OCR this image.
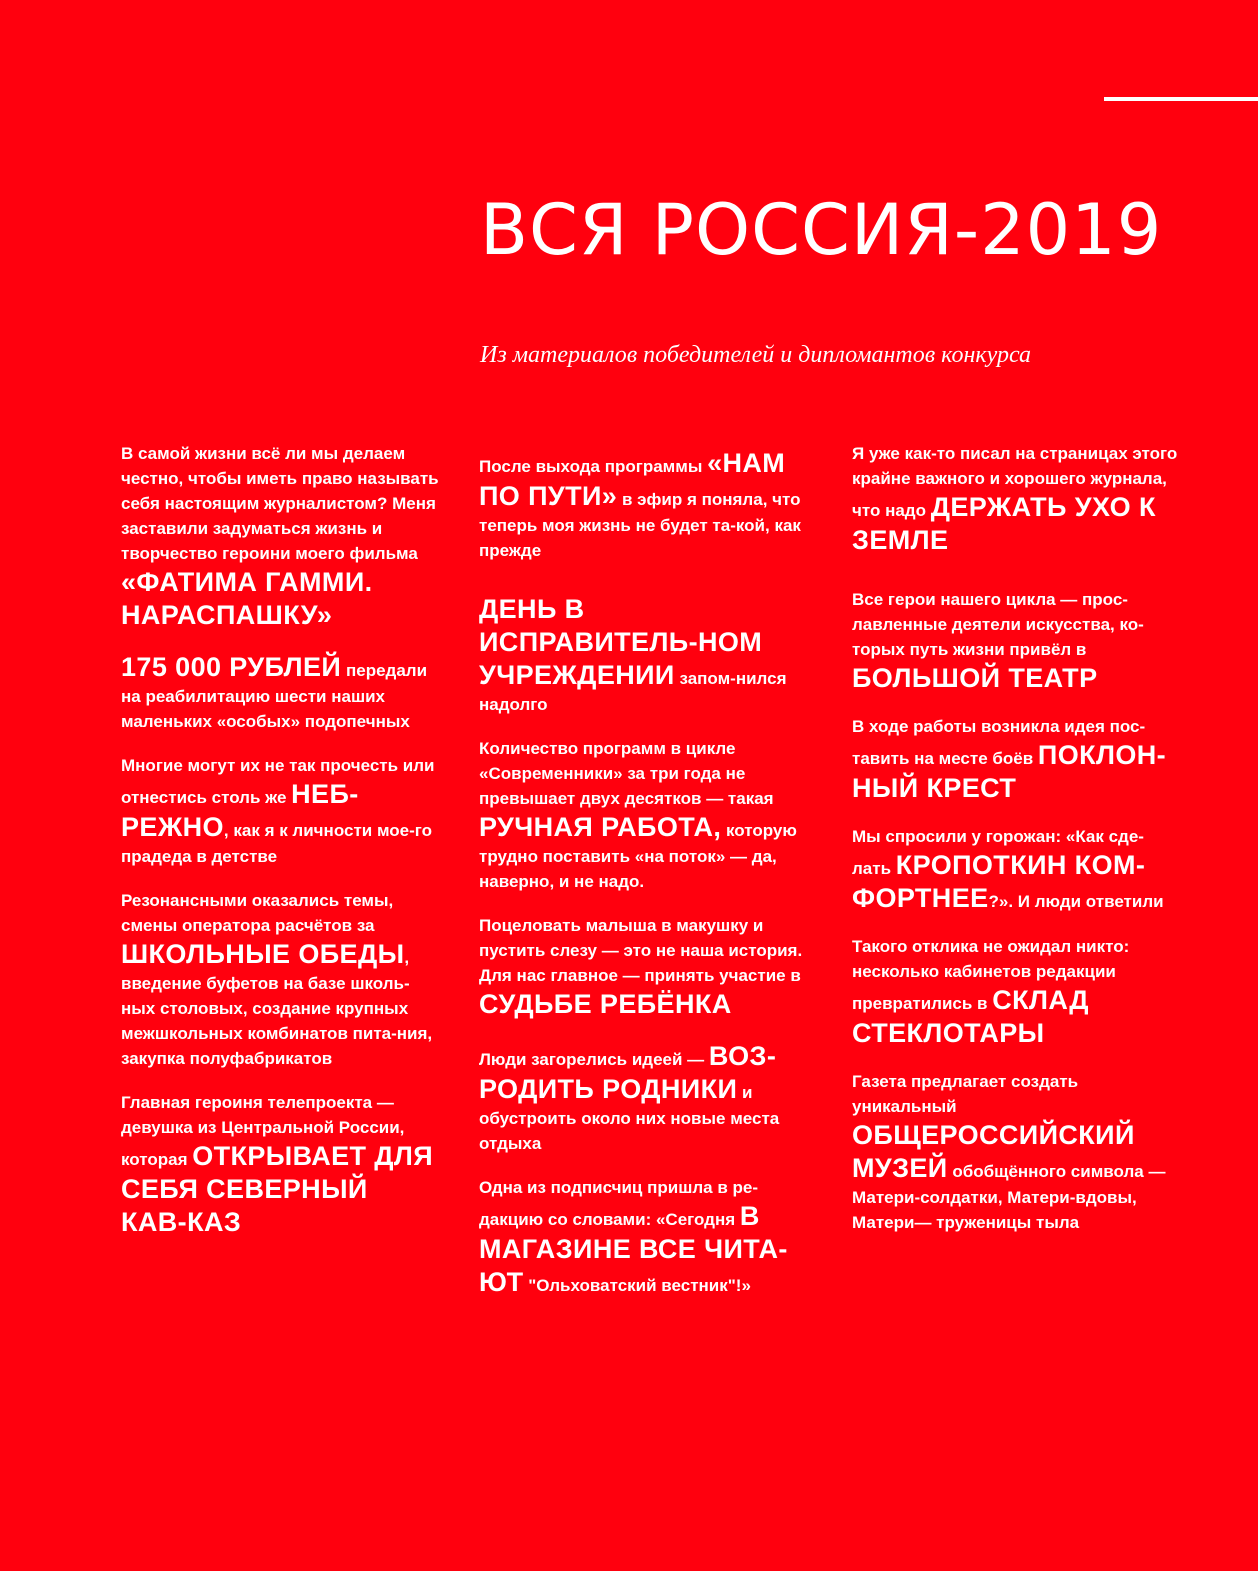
ВСЯ РОССИЯ-2019

Из материалов победителей и дипломантов конкурса

В самой жизни всё ли мы делаем честно, чтобы иметь право называть себя настоящим журналистом? Меня заставили задуматься жизнь и творчество героини моего фильма «ФАТИМА ГАММИ. НАРАСПАШКУ»

175 000 РУБЛЕЙ передали на реабилитацию шести наших маленьких «особых» подопечных

Многие могут их не так прочесть или отнестись столь же НЕБ-РЕЖНО, как я к личности мое-го прадеда в детстве

Резонансными оказались темы, смены оператора расчётов за ШКОЛЬНЫЕ ОБЕДЫ, введение буфетов на базе школь-ных столовых, создание крупных межшкольных комбинатов пита-ния, закупка полуфабрикатов

Главная героиня телепроекта — девушка из Центральной России, которая ОТКРЫВАЕТ ДЛЯ СЕБЯ СЕВЕРНЫЙ КАВ-КАЗ

После выхода программы «НАМ ПО ПУТИ» в эфир я поняла, что теперь моя жизнь не будет та-кой, как прежде

ДЕНЬ В ИСПРАВИТЕЛЬ-НОМ УЧРЕЖДЕНИИ запом-нился надолго

Количество программ в цикле «Современники» за три года не превышает двух десятков — такая РУЧНАЯ РАБОТА, которую трудно поставить «на поток» — да, наверно, и не надо.

Поцеловать малыша в макушку и пустить слезу — это не наша история. Для нас главное — принять участие в СУДЬБЕ РЕБЁНКА

Люди загорелись идеей — ВОЗ-РОДИТЬ РОДНИКИ и обустроить около них новые места отдыха

Одна из подписчиц пришла в ре-дакцию со словами: «Сегодня В МАГАЗИНЕ ВСЕ ЧИТА-ЮТ "Ольховатский вестник"!»

Я уже как-то писал на страницах этого крайне важного и хорошего журнала, что надо ДЕРЖАТЬ УХО К ЗЕМЛЕ

Все герои нашего цикла — прос-лавленные деятели искусства, ко-торых путь жизни привёл в БОЛЬШОЙ ТЕАТР

В ходе работы возникла идея пос-тавить на месте боёв ПОКЛОН-НЫЙ КРЕСТ

Мы спросили у горожан: «Как сде-лать КРОПОТКИН КОМ-ФОРТНЕЕ?». И люди ответили

Такого отклика не ожидал никто: несколько кабинетов редакции превратились в СКЛАД СТЕКЛОТАРЫ

Газета предлагает создать уникальный ОБЩЕРОССИЙСКИЙ МУЗЕЙ обобщённого символа — Матери-солдатки, Матери-вдовы, Матери— труженицы тыла
